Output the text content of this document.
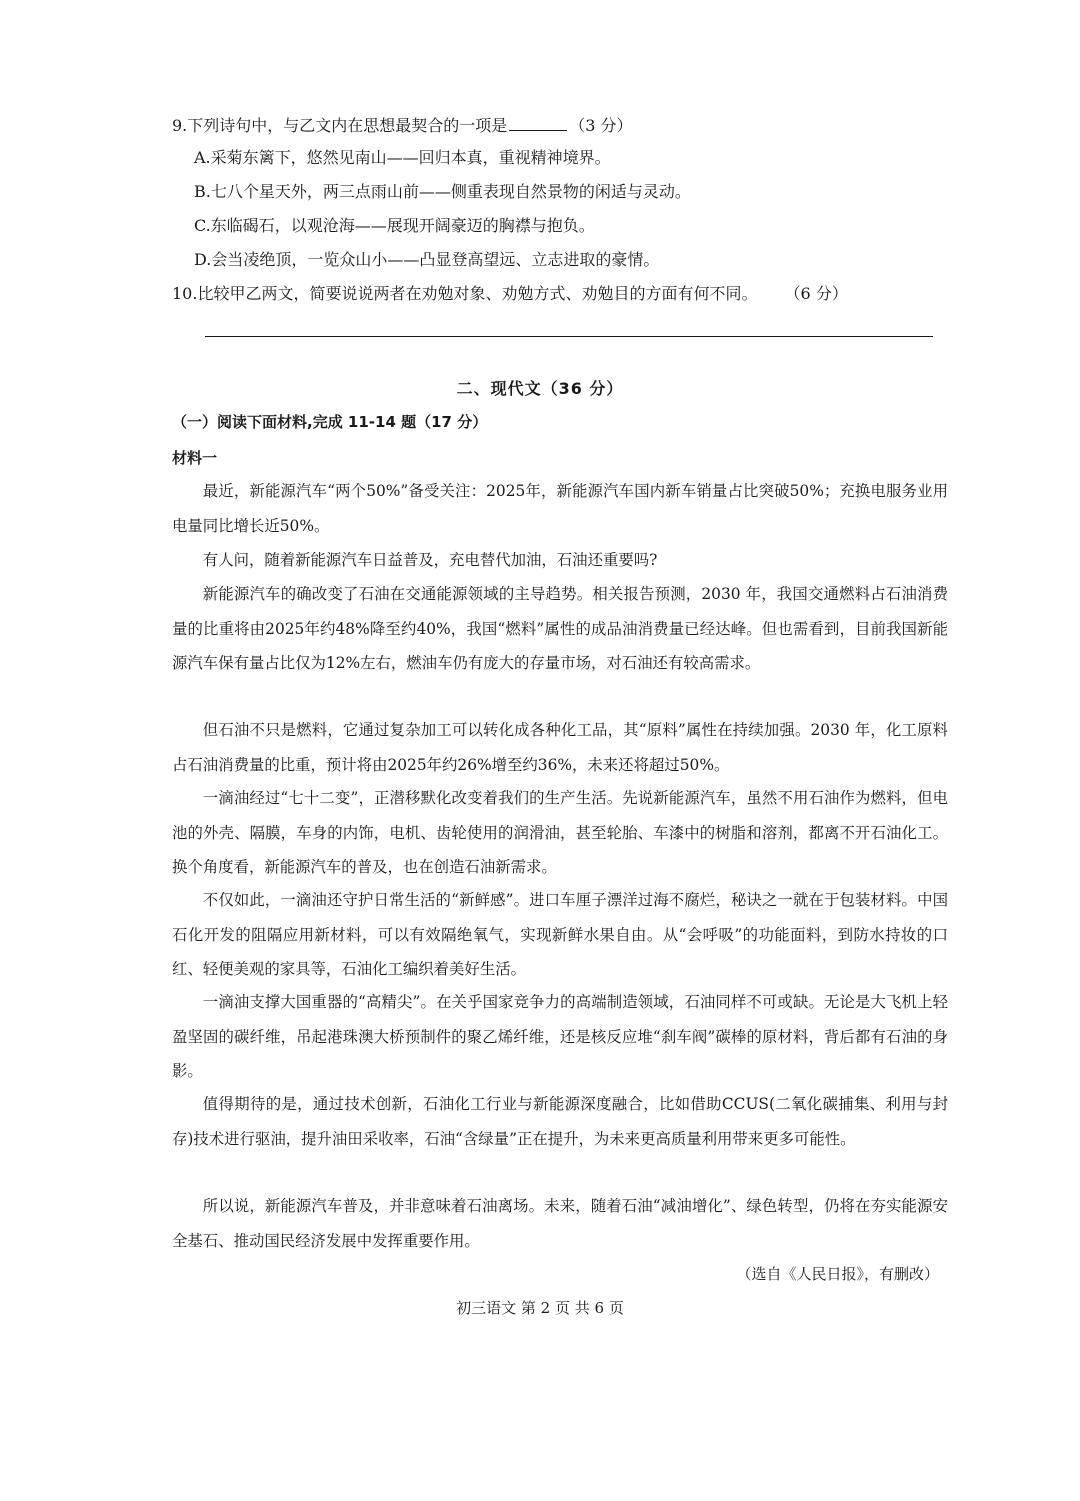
9.下列诗句中，与乙文内在思想最契合的一项是	（3 分）
A.采菊东篱下，悠然见南山——回归本真，重视精神境界。
B.七八个星天外，两三点雨山前——侧重表现自然景物的闲适与灵动。
C.东临碣石，以观沧海——展现开阔豪迈的胸襟与抱负。
D.会当凌绝顶，一览众山小——凸显登高望远、立志进取的豪情。
10.比较甲乙两文，简要说说两者在劝勉对象、劝勉方式、劝勉目的方面有何不同。 （6 分）
二、现代文（36 分）
（一）阅读下面材料,完成 11-14 题（17 分）
材料一

最近，新能源汽车“两个50%”备受关注：2025年，新能源汽车国内新车销量占比突破50%；充换电服务业用电量同比增长近50%。

有人问，随着新能源汽车日益普及，充电替代加油，石油还重要吗?

新能源汽车的确改变了石油在交通能源领域的主导趋势。相关报告预测，2030 年，我国交通燃料占石油消费量的比重将由2025年约48%降至约40%，我国“燃料”属性的成品油消费量已经达峰。但也需看到，目前我国新能源汽车保有量占比仅为12%左右，燃油车仍有庞大的存量市场，对石油还有较高需求。

但石油不只是燃料，它通过复杂加工可以转化成各种化工品，其“原料”属性在持续加强。2030 年，化工原料占石油消费量的比重，预计将由2025年约26%增至约36%，未来还将超过50%。

一滴油经过“七十二变”，正潜移默化改变着我们的生产生活。先说新能源汽车，虽然不用石油作为燃料，但电池的外壳、隔膜，车身的内饰，电机、齿轮使用的润滑油，甚至轮胎、车漆中的树脂和溶剂，都离不开石油化工。换个角度看，新能源汽车的普及，也在创造石油新需求。

不仅如此，一滴油还守护日常生活的“新鲜感”。进口车厘子漂洋过海不腐烂，秘诀之一就在于包装材料。中国石化开发的阻隔应用新材料，可以有效隔绝氧气，实现新鲜水果自由。从“会呼吸”的功能面料，到防水持妆的口红、轻便美观的家具等，石油化工编织着美好生活。

一滴油支撑大国重器的“高精尖”。在关乎国家竞争力的高端制造领域，石油同样不可或缺。无论是大飞机上轻盈坚固的碳纤维，吊起港珠澳大桥预制件的聚乙烯纤维，还是核反应堆“刹车阀”碳棒的原材料，背后都有石油的身影。

值得期待的是，通过技术创新，石油化工行业与新能源深度融合，比如借助CCUS(二氧化碳捕集、利用与封存)技术进行驱油，提升油田采收率，石油“含绿量”正在提升，为未来更高质量利用带来更多可能性。

所以说，新能源汽车普及，并非意味着石油离场。未来，随着石油“减油增化”、绿色转型，仍将在夯实能源安全基石、推动国民经济发展中发挥重要作用。

（选自《人民日报》，有删改）
初三语文 第 2 页 共 6 页
